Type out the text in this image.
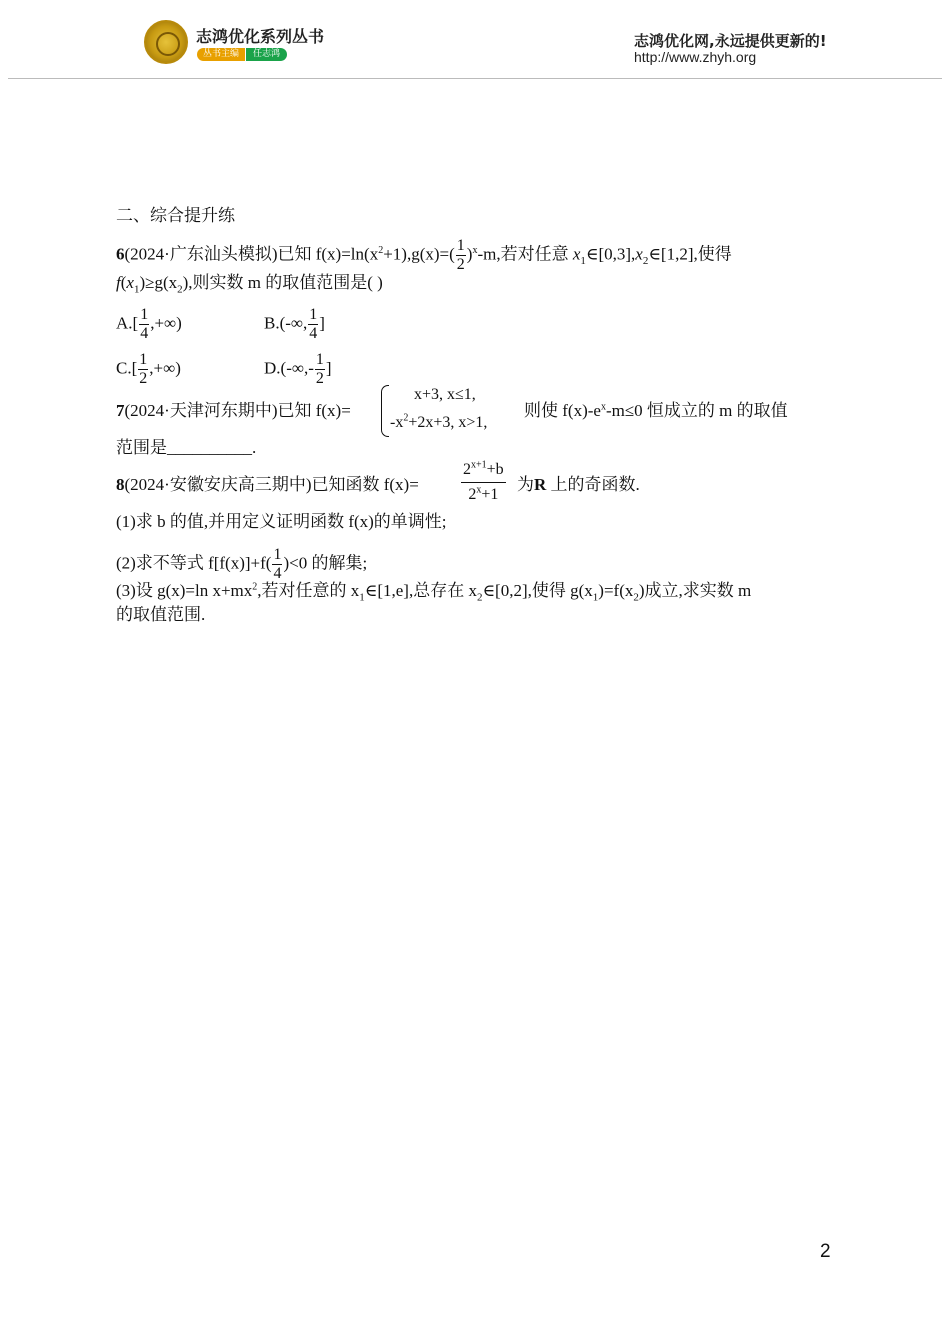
志鸿优化系列丛书
丛书主编	任志鸿
志鸿优化网,永远提供更新的!
http://www.zhyh.org
二、综合提升练
6(2024·广东汕头模拟)已知 $f(x)=\ln(x^2+1),g(x)=( \frac{1}{2} )^x-m$,若对任意 $x_1\in[0,3],x_2\in[1,2]$,使得
$f(x_1)\ge g(x_2)$,则实数 m 的取值范围是( )
$A.[ \frac{1}{4}$ ,+∞)	B.(-∞, $\frac{1}{4}$ ]
$C.[ \frac{1}{2}$ ,+∞)	$D.(-\infty,- \frac{1}{2}$ ]
7(2024·天津河东期中)已知 f(x)=
x+3, x≤1,
$-x^2+2x+3$, x>1,
则使 $f(x)-e^x-m\le 0$ 恒成立的 m 的取值
范围是__________.
8(2024·安徽安庆高三期中)已知函数 f(x)=
$2^{x+1}+b$
$2^x+1$
为R 上的奇函数.
(1)求 b 的值,并用定义证明函数 f(x)的单调性;
(2)求不等式 $f[f(x)]+f( \frac{1}{4} )<0$ 的解集;
(3)设 g(x)=ln $x+mx^2$,若对任意的 $x_1\in[1,e]$,总存在 $x_2\in[0,2]$,使得 $g(x_1)=f(x_2)$成立,求实数 m
的取值范围.
2
